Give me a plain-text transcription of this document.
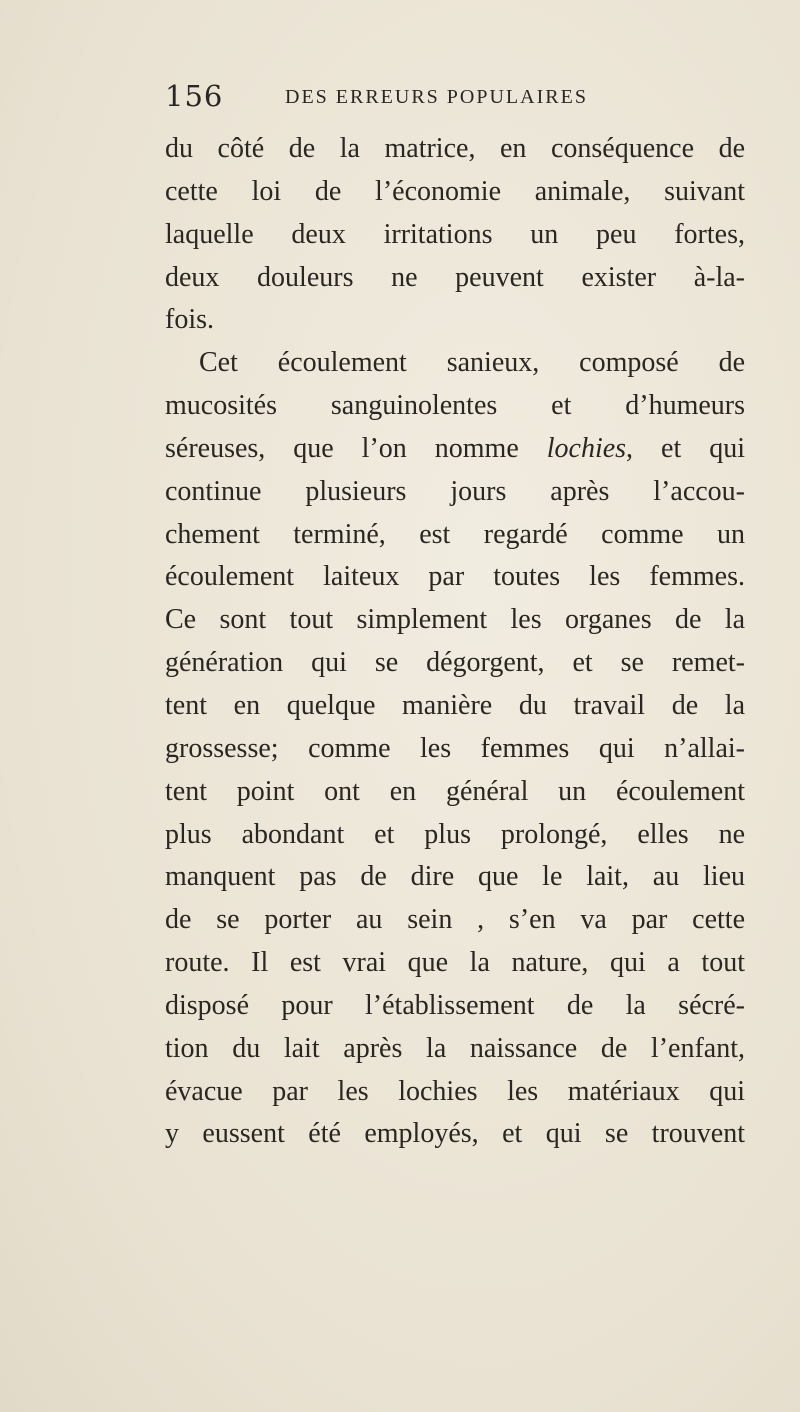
156	DES ERREURS POPULAIRES
du côté de la matrice, en conséquence de
cette loi de l’économie animale, suivant
laquelle deux irritations un peu fortes,
deux douleurs ne peuvent exister à-la-
fois.
Cet écoulement sanieux, composé de
mucosités sanguinolentes et d’humeurs
séreuses, que l’on nomme lochies, et qui
continue plusieurs jours après l’accou-
chement terminé, est regardé comme un
écoulement laiteux par toutes les femmes.
Ce sont tout simplement les organes de la
génération qui se dégorgent, et se remet-
tent en quelque manière du travail de la
grossesse; comme les femmes qui n’allai-
tent point ont en général un écoulement
plus abondant et plus prolongé, elles ne
manquent pas de dire que le lait, au lieu
de se porter au sein , s’en va par cette
route. Il est vrai que la nature, qui a tout
disposé pour l’établissement de la sécré-
tion du lait après la naissance de l’enfant,
évacue par les lochies les matériaux qui
y eussent été employés, et qui se trouvent
